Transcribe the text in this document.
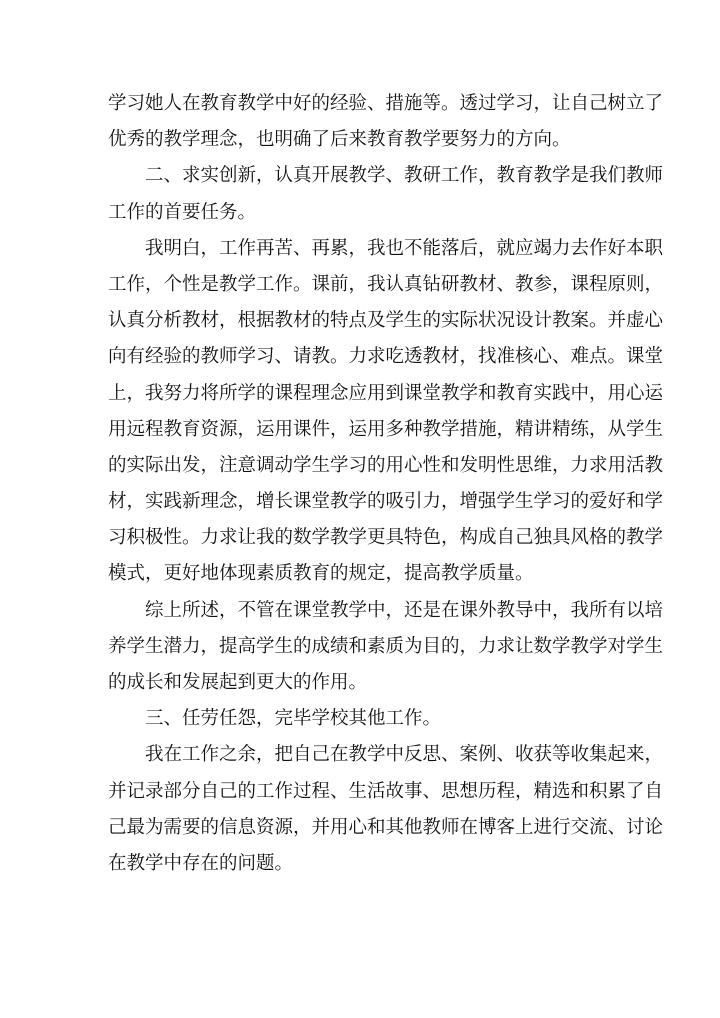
学习她人在教育教学中好的经验、措施等。透过学习，让自己树立了
优秀的教学理念，也明确了后来教育教学要努力的方向。
　　二、求实创新，认真开展教学、教研工作，教育教学是我们教师
工作的首要任务。
　　我明白，工作再苦、再累，我也不能落后，就应竭力去作好本职
工作，个性是教学工作。课前，我认真钻研教材、教参，课程原则，
认真分析教材，根据教材的特点及学生的实际状况设计教案。并虚心
向有经验的教师学习、请教。力求吃透教材，找准核心、难点。课堂
上，我努力将所学的课程理念应用到课堂教学和教育实践中，用心运
用远程教育资源，运用课件，运用多种教学措施，精讲精练，从学生
的实际出发，注意调动学生学习的用心性和发明性思维，力求用活教
材，实践新理念，增长课堂教学的吸引力，增强学生学习的爱好和学
习积极性。力求让我的数学教学更具特色，构成自己独具风格的教学
模式，更好地体现素质教育的规定，提高教学质量。
　　综上所述，不管在课堂教学中，还是在课外教导中，我所有以培
养学生潜力，提高学生的成绩和素质为目的，力求让数学教学对学生
的成长和发展起到更大的作用。
　　三、任劳任怨，完毕学校其他工作。
　　我在工作之余，把自己在教学中反思、案例、收获等收集起来，
并记录部分自己的工作过程、生活故事、思想历程，精选和积累了自
己最为需要的信息资源，并用心和其他教师在博客上进行交流、讨论
在教学中存在的问题。
